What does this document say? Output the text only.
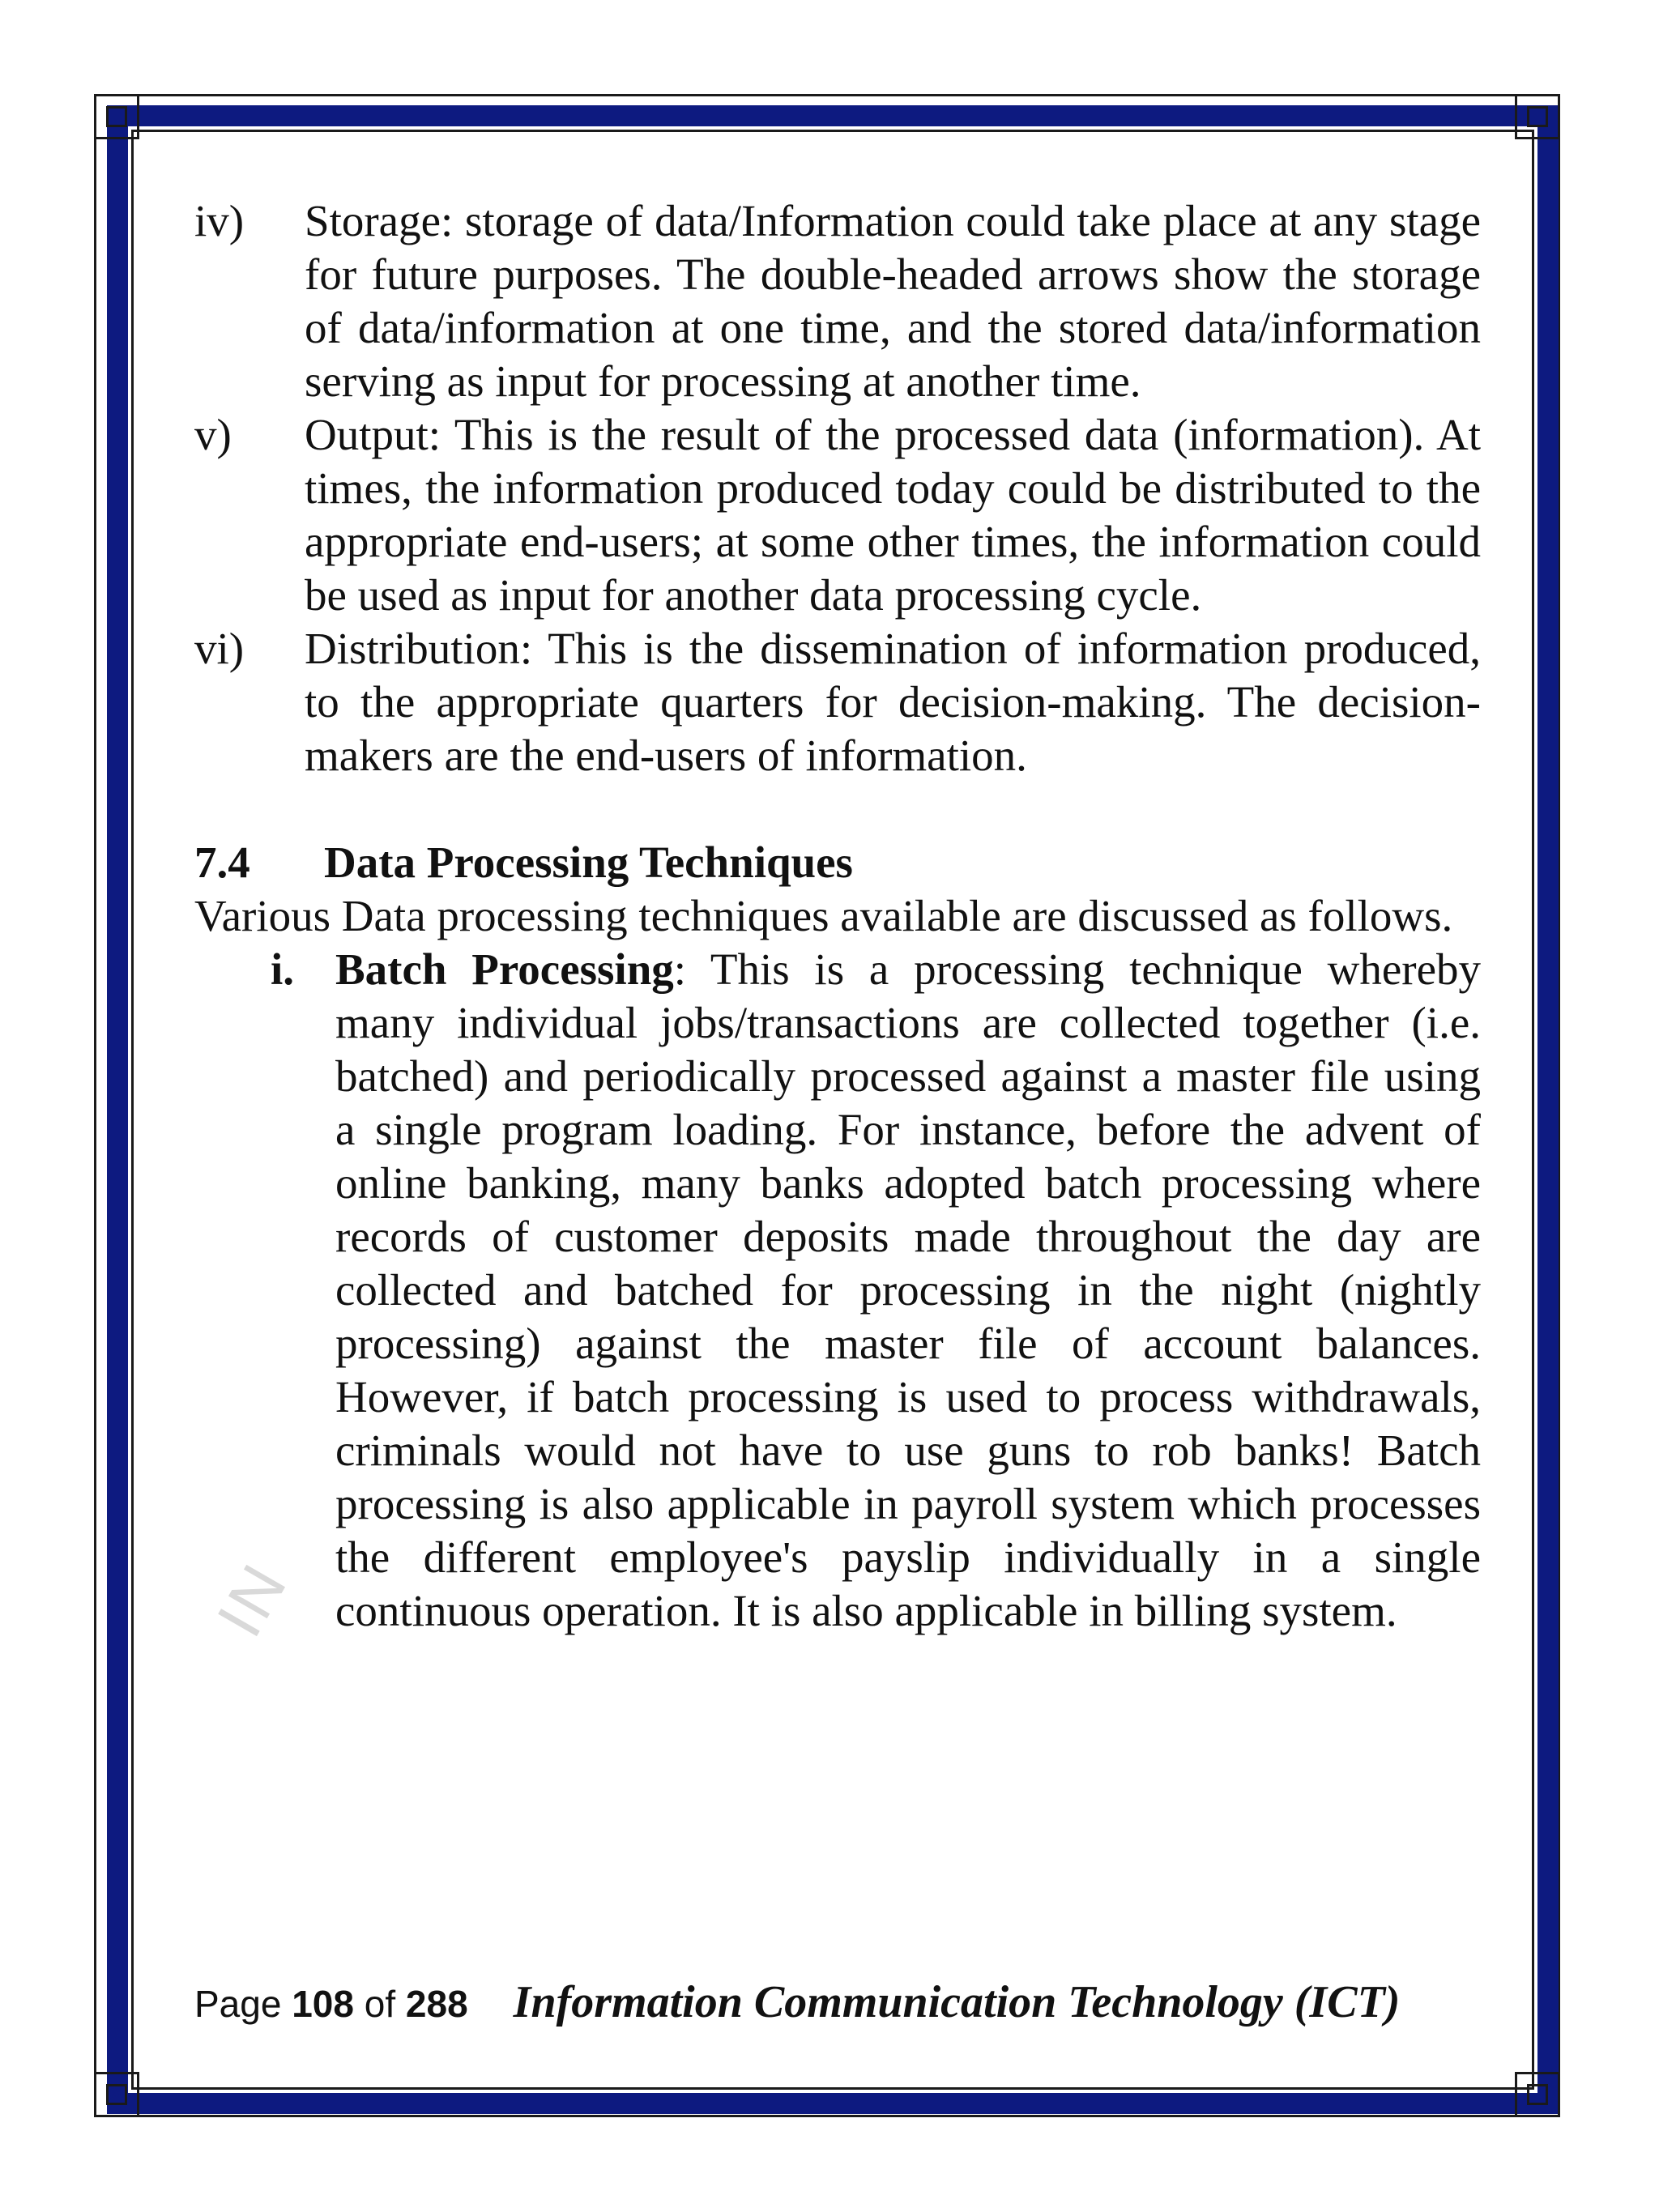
IN
iv)	Storage: storage of data/Information could take place at any stage for future purposes. The double-headed arrows show the storage of data/information at one time, and the stored data/information serving as input for processing at another time.
v)	Output: This is the result of the processed data (information). At times, the information produced today could be distributed to the appropriate end-users; at some other times, the information could be used as input for another data processing cycle.
vi)	Distribution: This is the dissemination of information produced, to the appropriate quarters for decision-making. The decision-makers are the end-users of information.
7.4	Data Processing Techniques
Various Data processing techniques available are discussed as follows.
i. Batch Processing: This is a processing technique whereby many individual jobs/transactions are collected together (i.e. batched) and periodically processed against a master file using a single program loading. For instance, before the advent of online banking, many banks adopted batch processing where records of customer deposits made throughout the day are collected and batched for processing in the night (nightly processing) against the master file of account balances. However, if batch processing is used to process withdrawals, criminals would not have to use guns to rob banks! Batch processing is also applicable in payroll system which processes the different employee's payslip individually in a single continuous operation. It is also applicable in billing system.
Page 108 of 288 Information Communication Technology (ICT)
